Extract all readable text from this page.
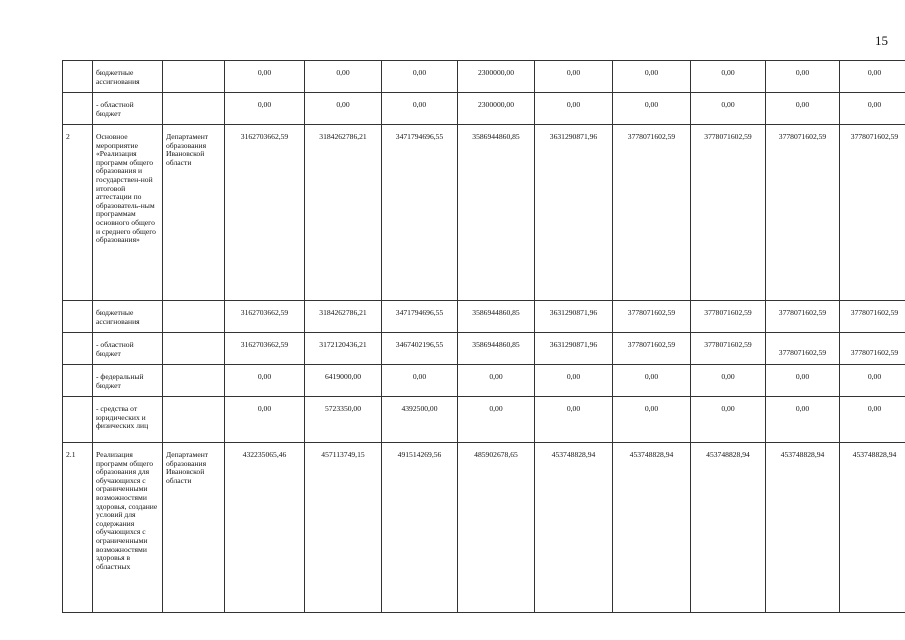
15
	бюджетные ассигнования		0,00	0,00	0,00	2300000,00	0,00	0,00	0,00	0,00	0,00
	- областной бюджет		0,00	0,00	0,00	2300000,00	0,00	0,00	0,00	0,00	0,00
2	Основное мероприятие «Реализация программ общего образования и государствен-ной итоговой аттестации по образователь-ным программам основного общего и среднего общего образования»	Департамент образования Ивановской области	3162703662,59	3184262786,21	3471794696,55	3586944860,85	3631290871,96	3778071602,59	3778071602,59	3778071602,59	3778071602,59
	бюджетные ассигнования		3162703662,59	3184262786,21	3471794696,55	3586944860,85	3631290871,96	3778071602,59	3778071602,59	3778071602,59	3778071602,59
	- областной бюджет		3162703662,59	3172120436,21	3467402196,55	3586944860,85	3631290871,96	3778071602,59	3778071602,59	3778071602,59	3778071602,59

	- федеральный бюджет		0,00	6419000,00	0,00	0,00	0,00	0,00	0,00	0,00	0,00
	- средства от юридических и физических лиц		0,00	5723350,00	4392500,00	0,00	0,00	0,00	0,00	0,00	0,00
2.1	Реализация программ общего образования для обучающихся с ограниченными возможностями здоровья, создание условий для содержания обучающихся с ограниченными возможностями здоровья в областных	Департамент образования Ивановской области	432235065,46	457113749,15	491514269,56	485902678,65	453748828,94	453748828,94	453748828,94	453748828,94	453748828,94
